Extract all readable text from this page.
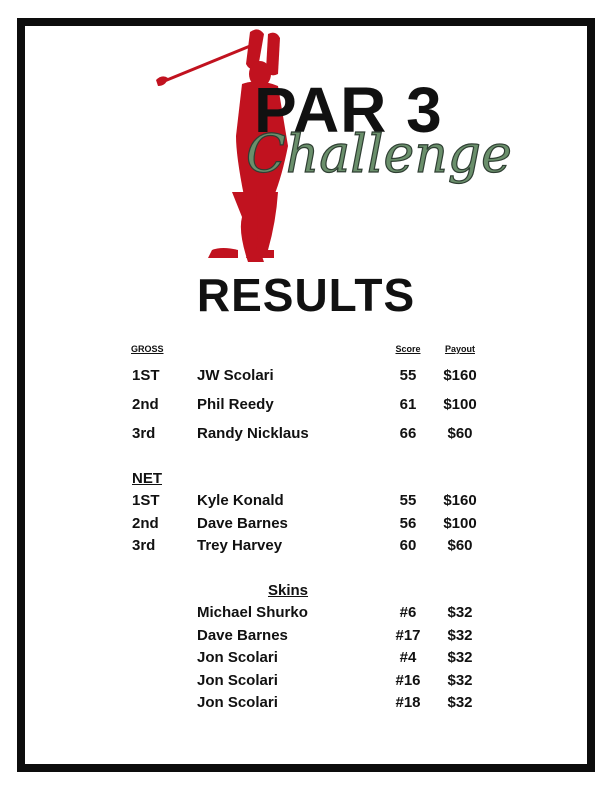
PAR 3
Challenge
RESULTS
GROSS	Score	Payout
1ST JW Scolari	55	$160
2nd	Phil Reedy	61	$100
3rd	Randy Nicklaus	66	$60
NET
1ST Kyle Konald	55	$160
2nd	Dave Barnes	56	$100
3rd	Trey Harvey	60	$60
Skins
Michael Shurko	#6	$32
Dave Barnes	#17	$32
Jon Scolari	#4	$32
Jon Scolari	#16	$32
Jon Scolari	#18	$32
